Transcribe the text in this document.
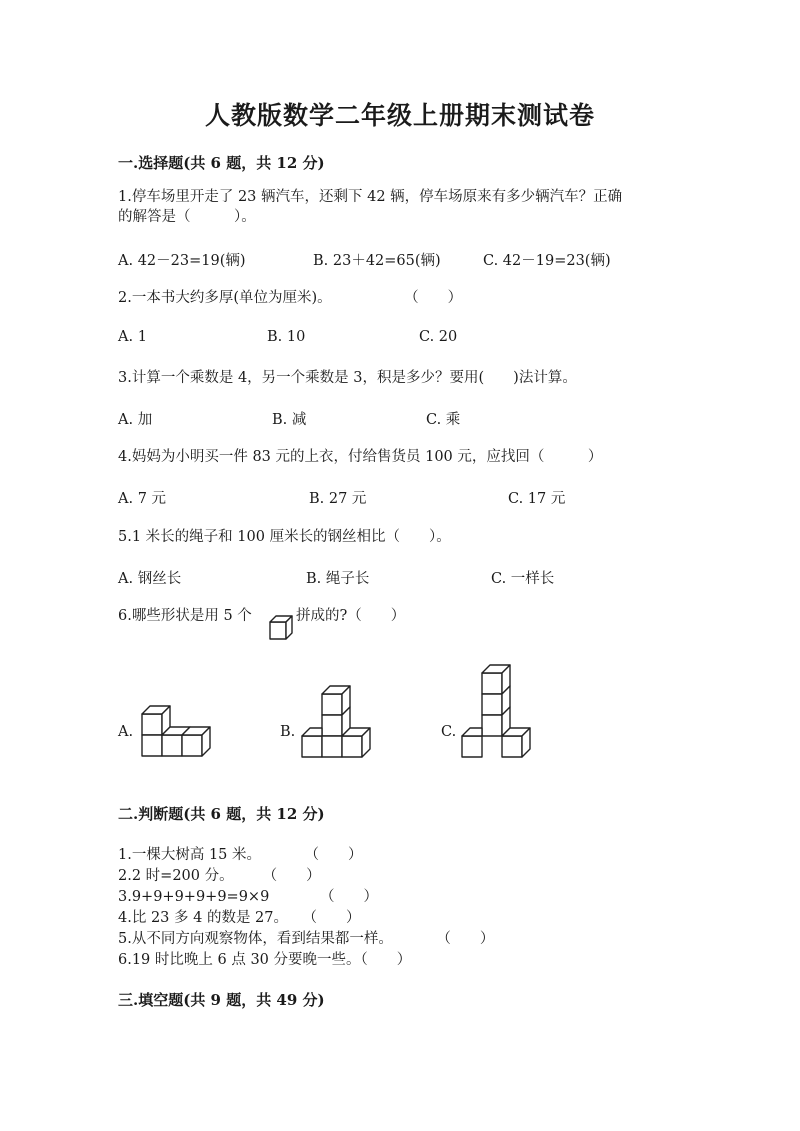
人教版数学二年级上册期末测试卷
一.选择题(共 6 题，共 12 分)
1.停车场里开走了 23 辆汽车，还剩下 42 辆，停车场原来有多少辆汽车？正确
的解答是（　　　）。
A. 42－23=19(辆)	B. 23＋42=65(辆)	C. 42－19=23(辆)
2.一本书大约多厚(单位为厘米)。　　　　　　（　　）
A. 1	B. 10	C. 20
3.计算一个乘数是 4，另一个乘数是 3，积是多少？要用(　　)法计算。
A. 加	B. 减	C. 乘
4.妈妈为小明买一件 83 元的上衣，付给售货员 100 元，应找回（　　　）
A. 7 元	B. 27 元	C. 17 元
5.1 米长的绳子和 100 厘米长的钢丝相比（　　）。
A. 钢丝长	B. 绳子长	C. 一样长
6.哪些形状是用 5 个	拼成的?（　　）
A.	B.	C.
二.判断题(共 6 题，共 12 分)
1.一棵大树高 15 米。　　　　（　　）
2.2 时=200 分。　　　（　　）
3.9+9+9+9+9=9×9　　　　（　　）
4.比 23 多 4 的数是 27。　　（　　）
5.从不同方向观察物体，看到结果都一样。　　　　（　　）
6.19 时比晚上 6 点 30 分要晚一些。（　　）
三.填空题(共 9 题，共 49 分)
